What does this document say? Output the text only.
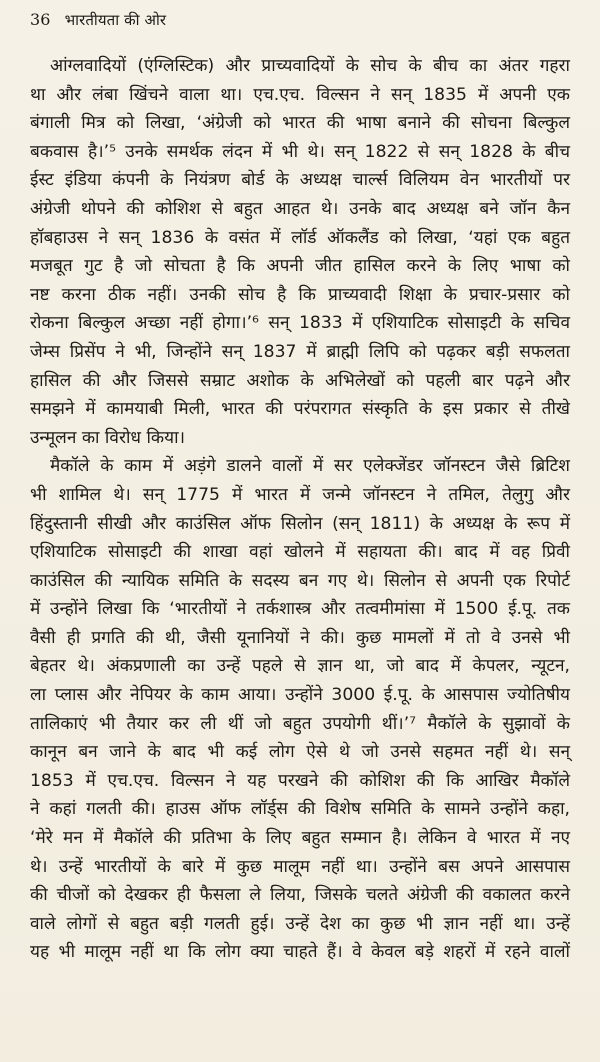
36 भारतीयता की ओर
आंग्लवादियों (एंग्लिस्टिक) और प्राच्यवादियों के सोच के बीच का अंतर गहरा
था और लंबा खिंचने वाला था। एच.एच. विल्सन ने सन् 1835 में अपनी एक
बंगाली मित्र को लिखा, ‘अंग्रेजी को भारत की भाषा बनाने की सोचना बिल्कुल
बकवास है।’⁵ उनके समर्थक लंदन में भी थे। सन् 1822 से सन् 1828 के बीच
ईस्ट इंडिया कंपनी के नियंत्रण बोर्ड के अध्यक्ष चार्ल्स विलियम वेन भारतीयों पर
अंग्रेजी थोपने की कोशिश से बहुत आहत थे। उनके बाद अध्यक्ष बने जॉन कैन
हॉबहाउस ने सन् 1836 के वसंत में लॉर्ड ऑकलैंड को लिखा, ‘यहां एक बहुत
मजबूत गुट है जो सोचता है कि अपनी जीत हासिल करने के लिए भाषा को
नष्ट करना ठीक नहीं। उनकी सोच है कि प्राच्यवादी शिक्षा के प्रचार-प्रसार को
रोकना बिल्कुल अच्छा नहीं होगा।’⁶ सन् 1833 में एशियाटिक सोसाइटी के सचिव
जेम्स प्रिसेंप ने भी, जिन्होंने सन् 1837 में ब्राह्मी लिपि को पढ़कर बड़ी सफलता
हासिल की और जिससे सम्राट अशोक के अभिलेखों को पहली बार पढ़ने और
समझने में कामयाबी मिली, भारत की परंपरागत संस्कृति के इस प्रकार से तीखे
उन्मूलन का विरोध किया।
मैकॉले के काम में अड़ंगे डालने वालों में सर एलेक्जेंडर जॉनस्टन जैसे ब्रिटिश
भी शामिल थे। सन् 1775 में भारत में जन्मे जॉनस्टन ने तमिल, तेलुगु और
हिंदुस्तानी सीखी और काउंसिल ऑफ सिलोन (सन् 1811) के अध्यक्ष के रूप में
एशियाटिक सोसाइटी की शाखा वहां खोलने में सहायता की। बाद में वह प्रिवी
काउंसिल की न्यायिक समिति के सदस्य बन गए थे। सिलोन से अपनी एक रिपोर्ट
में उन्होंने लिखा कि ‘भारतीयों ने तर्कशास्त्र और तत्वमीमांसा में 1500 ई.पू. तक
वैसी ही प्रगति की थी, जैसी यूनानियों ने की। कुछ मामलों में तो वे उनसे भी
बेहतर थे। अंकप्रणाली का उन्हें पहले से ज्ञान था, जो बाद में केपलर, न्यूटन,
ला प्लास और नेपियर के काम आया। उन्होंने 3000 ई.पू. के आसपास ज्योतिषीय
तालिकाएं भी तैयार कर ली थीं जो बहुत उपयोगी थीं।’⁷ मैकॉले के सुझावों के
कानून बन जाने के बाद भी कई लोग ऐसे थे जो उनसे सहमत नहीं थे। सन्
1853 में एच.एच. विल्सन ने यह परखने की कोशिश की कि आखिर मैकॉले
ने कहां गलती की। हाउस ऑफ लॉर्ड्स की विशेष समिति के सामने उन्होंने कहा,
‘मेरे मन में मैकॉले की प्रतिभा के लिए बहुत सम्मान है। लेकिन वे भारत में नए
थे। उन्हें भारतीयों के बारे में कुछ मालूम नहीं था। उन्होंने बस अपने आसपास
की चीजों को देखकर ही फैसला ले लिया, जिसके चलते अंग्रेजी की वकालत करने
वाले लोगों से बहुत बड़ी गलती हुई। उन्हें देश का कुछ भी ज्ञान नहीं था। उन्हें
यह भी मालूम नहीं था कि लोग क्या चाहते हैं। वे केवल बड़े शहरों में रहने वालों
